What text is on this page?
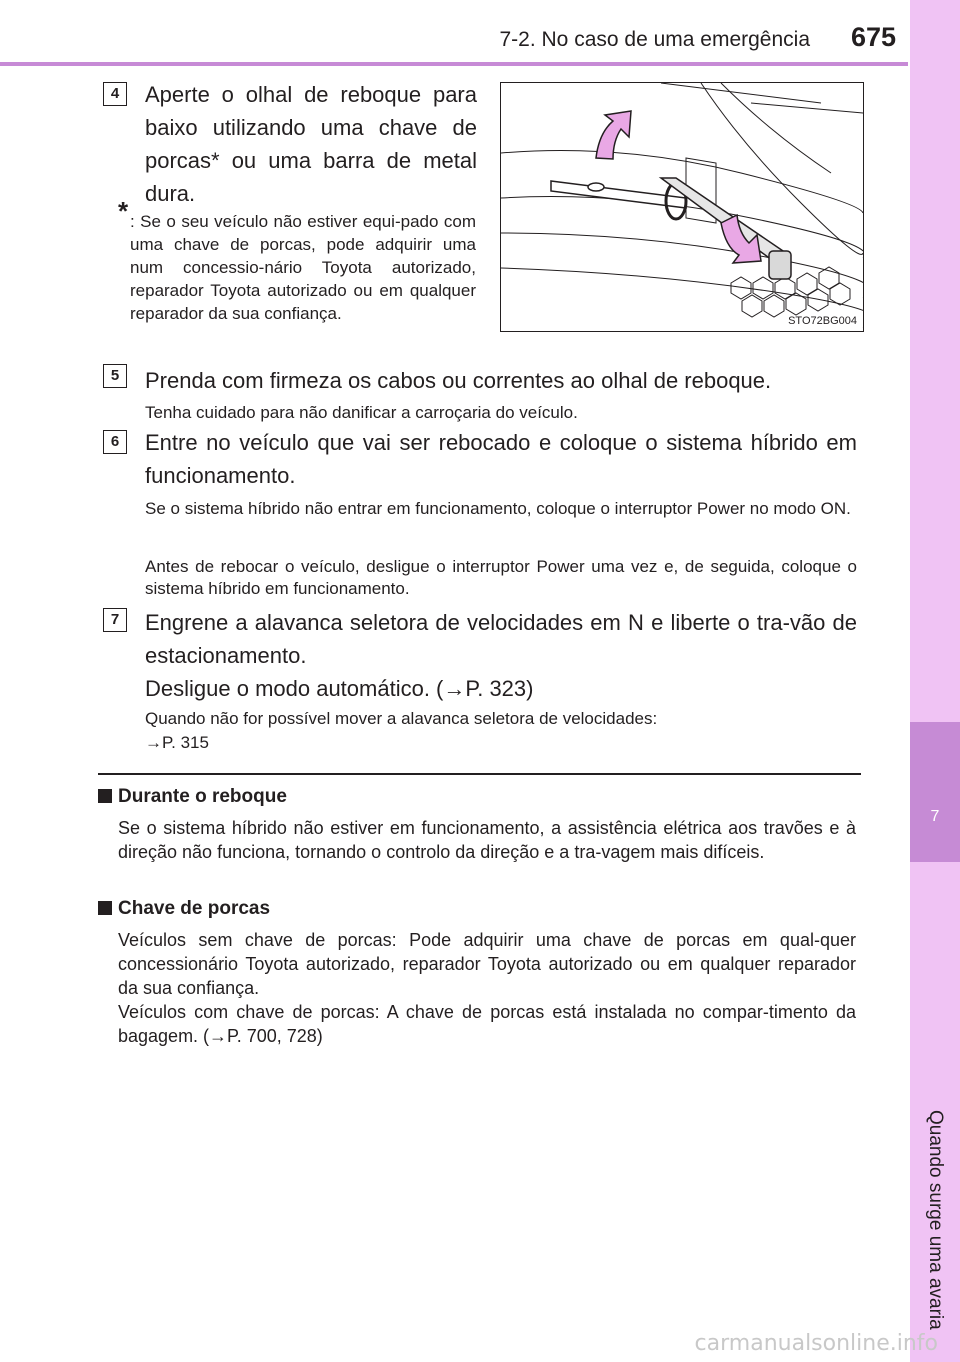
7-2. No caso de uma emergência	675
7
4	Aperte o olhal de reboque para baixo utilizando uma chave de porcas* ou uma barra de metal dura.
* : Se o seu veículo não estiver equi-pado com uma chave de porcas, pode adquirir uma num concessio-nário Toyota autorizado, reparador Toyota autorizado ou em qualquer reparador da sua confiança.	STO72BG004
5	Prenda com firmeza os cabos ou correntes ao olhal de reboque.
Tenha cuidado para não danificar a carroçaria do veículo.
6	Entre no veículo que vai ser rebocado e coloque o sistema híbrido em funcionamento.
Se o sistema híbrido não entrar em funcionamento, coloque o interruptor Power no modo ON.
Antes de rebocar o veículo, desligue o interruptor Power uma vez e, de seguida, coloque o sistema híbrido em funcionamento.
7	Engrene a alavanca seletora de velocidades em N e liberte o tra-vão de estacionamento.
Desligue o modo automático. (→P. 323)
Quando não for possível mover a alavanca seletora de velocidades:
→P. 315
Durante o reboque

Se o sistema híbrido não estiver em funcionamento, a assistência elétrica aos travões e à direção não funciona, tornando o controlo da direção e a tra-vagem mais difíceis.

Chave de porcas

Veículos sem chave de porcas: Pode adquirir uma chave de porcas em qual-quer concessionário Toyota autorizado, reparador Toyota autorizado ou em qualquer reparador da sua confiança.

Veículos com chave de porcas: A chave de porcas está instalada no compar-timento da bagagem. (→P. 700, 728)

carmanualsonline.info
